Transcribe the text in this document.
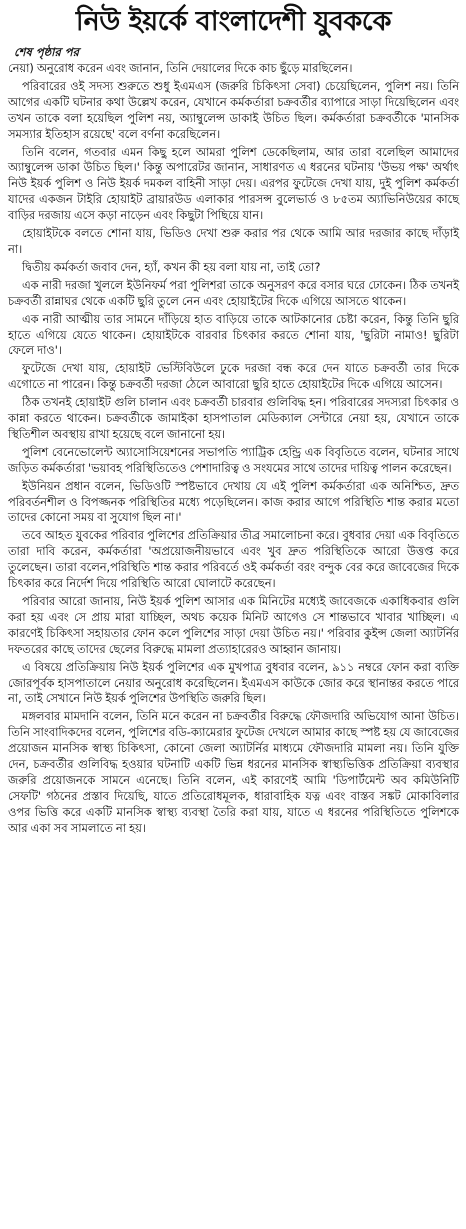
নিউ ইয়র্কে বাংলাদেশী যুবককে
শেষ পৃষ্ঠার পর

নেয়া) অনুরোধ করেন এবং জানান, তিনি দেয়ালের দিকে কাচ ছুঁড়ে মারছিলেন।

পরিবারের ওই সদস্য শুরুতে শুধু ইএমএস (জরুরি চিকিৎসা সেবা) চেয়েছিলেন, পুলিশ নয়। তিনি আগের একটি ঘটনার কথা উল্লেখ করেন, যেখানে কর্মকর্তারা চক্রবর্তীর ব্যাপারে সাড়া দিয়েছিলেন এবং তখন তাকে বলা হয়েছিল পুলিশ নয়, অ্যাম্বুলেন্স ডাকাই উচিত ছিল। কর্মকর্তারা চক্রবর্তীকে 'মানসিক সমস্যার ইতিহাস রয়েছে' বলে বর্ণনা করেছিলেন।

তিনি বলেন, গতবার এমন কিছু হলে আমরা পুলিশ ডেকেছিলাম, আর তারা বলেছিল আমাদের অ্যাম্বুলেন্স ডাকা উচিত ছিল।' কিন্তু অপারেটর জানান, সাধারণত এ ধরনের ঘটনায় 'উভয় পক্ষ' অর্থাৎ নিউ ইয়র্ক পুলিশ ও নিউ ইয়র্ক দমকল বাহিনী সাড়া দেয়। এরপর ফুটেজে দেখা যায়, দুই পুলিশ কর্মকর্তা যাদের একজন টাইরি হোয়াইট ব্রায়ারউড এলাকার পারসন্স বুলেভার্ড ও ৮৫তম অ্যাভিনিউয়ের কাছে বাড়ির দরজায় এসে কড়া নাড়েন এবং কিছুটা পিছিয়ে যান।

হোয়াইটকে বলতে শোনা যায়, ভিডিও দেখা শুরু করার পর থেকে আমি আর দরজার কাছে দাঁড়াই না।

দ্বিতীয় কর্মকর্তা জবাব দেন, হ্যাঁ, কখন কী হয় বলা যায় না, তাই তো?

এক নারী দরজা খুললে ইউনিফর্ম পরা পুলিশরা তাকে অনুসরণ করে বসার ঘরে ঢোকেন। ঠিক তখনই চক্রবর্তী রান্নাঘর থেকে একটি ছুরি তুলে নেন এবং হোয়াইটের দিকে এগিয়ে আসতে থাকেন।

এক নারী আত্মীয় তার সামনে দাঁড়িয়ে হাত বাড়িয়ে তাকে আটকানোর চেষ্টা করেন, কিন্তু তিনি ছুরি হাতে এগিয়ে যেতে থাকেন। হোয়াইটকে বারবার চিৎকার করতে শোনা যায়, 'ছুরিটা নামাও! ছুরিটা ফেলে দাও'।

ফুটেজে দেখা যায়, হোয়াইট ভেস্টিবিউলে ঢুকে দরজা বন্ধ করে দেন যাতে চক্রবর্তী তার দিকে এগোতে না পারেন। কিন্তু চক্রবর্তী দরজা ঠেলে আবারো ছুরি হাতে হোয়াইটের দিকে এগিয়ে আসেন।

ঠিক তখনই হোয়াইট গুলি চালান এবং চক্রবর্তী চারবার গুলিবিদ্ধ হন। পরিবারের সদস্যরা চিৎকার ও কান্না করতে থাকেন। চক্রবর্তীকে জামাইকা হাসপাতাল মেডিক্যাল সেন্টারে নেয়া হয়, যেখানে তাকে স্থিতিশীল অবস্থায় রাখা হয়েছে বলে জানানো হয়।

পুলিশ বেনেভোলেন্ট অ্যাসোসিয়েশনের সভাপতি প্যাট্রিক হেন্ড্রি এক বিবৃতিতে বলেন, ঘটনার সাথে জড়িত কর্মকর্তারা 'ভয়াবহ পরিস্থিতিতেও পেশাদারিত্ব ও সংযমের সাথে তাদের দায়িত্ব পালন করেছেন।

ইউনিয়ন প্রধান বলেন, ভিডিওটি স্পষ্টভাবে দেখায় যে এই পুলিশ কর্মকর্তারা এক অনিশ্চিত, দ্রুত পরিবর্তনশীল ও বিপজ্জনক পরিস্থিতির মধ্যে পড়েছিলেন। কাজ করার আগে পরিস্থিতি শান্ত করার মতো তাদের কোনো সময় বা সুযোগ ছিল না।'

তবে আহত যুবকের পরিবার পুলিশের প্রতিক্রিয়ার তীব্র সমালোচনা করে। বুধবার দেয়া এক বিবৃতিতে তারা দাবি করেন, কর্মকর্তারা 'অপ্রয়োজনীয়ভাবে এবং খুব দ্রুত পরিস্থিতিকে আরো উত্তপ্ত করে তুলেছেন। তারা বলেন,পরিস্থিতি শান্ত করার পরিবর্তে ওই কর্মকর্তা বরং বন্দুক বের করে জাবেজের দিকে চিৎকার করে নির্দেশ দিয়ে পরিস্থিতি আরো ঘোলাটে করেছেন।

পরিবার আরো জানায়, নিউ ইয়র্ক পুলিশ আসার এক মিনিটের মধ্যেই জাবেজকে একাধিকবার গুলি করা হয় এবং সে প্রায় মারা যাচ্ছিল, অথচ কয়েক মিনিট আগেও সে শান্তভাবে খাবার খাচ্ছিল। এ কারণেই চিকিৎসা সহায়তার ফোন কলে পুলিশের সাড়া দেয়া উচিত নয়।' পরিবার কুইন্স জেলা অ্যাটর্নির দফতরের কাছে তাদের ছেলের বিরুদ্ধে মামলা প্রত্যাহারেরও আহ্বান জানায়।

এ বিষয়ে প্রতিক্রিয়ায় নিউ ইয়র্ক পুলিশের এক মুখপাত্র বুধবার বলেন, ৯১১ নম্বরে ফোন করা ব্যক্তি জোরপূর্বক হাসপাতালে নেয়ার অনুরোধ করেছিলেন। ইএমএস কাউকে জোর করে স্থানান্তর করতে পারে না, তাই সেখানে নিউ ইয়র্ক পুলিশের উপস্থিতি জরুরি ছিল।

মঙ্গলবার মামদানি বলেন, তিনি মনে করেন না চক্রবর্তীর বিরুদ্ধে ফৌজদারি অভিযোগ আনা উচিত। তিনি সাংবাদিকদের বলেন, পুলিশের বডি-ক্যামেরার ফুটেজ দেখলে আমার কাছে স্পষ্ট হয় যে জাবেজের প্রয়োজন মানসিক স্বাস্থ্য চিকিৎসা, কোনো জেলা অ্যাটর্নির মাধ্যমে ফৌজদারি মামলা নয়। তিনি যুক্তি দেন, চক্রবর্তীর গুলিবিদ্ধ হওয়ার ঘটনাটি একটি ভিন্ন ধরনের মানসিক স্বাস্থ্যভিত্তিক প্রতিক্রিয়া ব্যবস্থার জরুরি প্রয়োজনকে সামনে এনেছে। তিনি বলেন, এই কারণেই আমি 'ডিপার্টমেন্ট অব কমিউনিটি সেফটি' গঠনের প্রস্তাব দিয়েছি, যাতে প্রতিরোধমূলক, ধারাবাহিক যত্ন এবং বাস্তব সঙ্কট মোকাবিলার ওপর ভিত্তি করে একটি মানসিক স্বাস্থ্য ব্যবস্থা তৈরি করা যায়, যাতে এ ধরনের পরিস্থিতিতে পুলিশকে আর একা সব সামলাতে না হয়।
